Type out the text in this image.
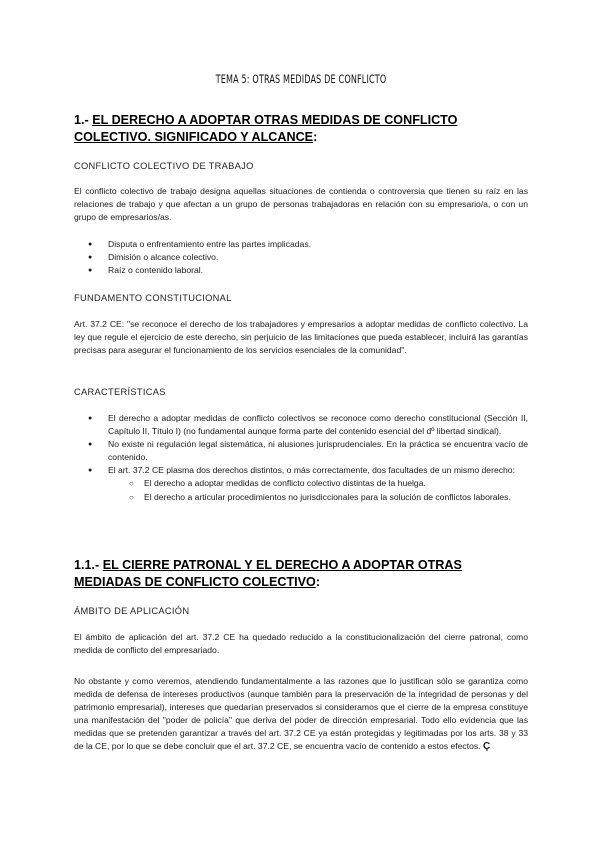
TEMA 5: OTRAS MEDIDAS DE CONFLICTO
1.- EL DERECHO A ADOPTAR OTRAS MEDIDAS DE CONFLICTO COLECTIVO. SIGNIFICADO Y ALCANCE:
CONFLICTO COLECTIVO DE TRABAJO
El conflicto colectivo de trabajo designa aquellas situaciones de contienda o controversia que tienen su raíz en las relaciones de trabajo y que afectan a un grupo de personas trabajadoras en relación con su empresario/a, o con un grupo de empresarios/as.
● Disputa o enfrentamiento entre las partes implicadas.
● Dimisión o alcance colectivo.
● Raíz o contenido laboral.
FUNDAMENTO CONSTITUCIONAL
Art. 37.2 CE: "se reconoce el derecho de los trabajadores y empresarios a adoptar medidas de conflicto colectivo. La ley que regule el ejercicio de este derecho, sin perjuicio de las limitaciones que pueda establecer, incluirá las garantías precisas para asegurar el funcionamiento de los servicios esenciales de la comunidad".
CARACTERÍSTICAS
● El derecho a adoptar medidas de conflicto colectivos se reconoce como derecho constitucional (Sección II, Capítulo II, Título I) (no fundamental aunque forma parte del contenido esencial del dº libertad sindical).
● No existe ni regulación legal sistemática, ni alusiones jurisprudenciales. En la práctica se encuentra vacío de contenido.
● El art. 37.2 CE plasma dos derechos distintos, o más correctamente, dos facultades de un mismo derecho:
○ El derecho a adoptar medidas de conflicto colectivo distintas de la huelga.
○ El derecho a articular procedimientos no jurisdiccionales para la solución de conflictos laborales.
1.1.- EL CIERRE PATRONAL Y EL DERECHO A ADOPTAR OTRAS MEDIADAS DE CONFLICTO COLECTIVO:
ÁMBITO DE APLICACIÓN
El ámbito de aplicación del art. 37.2 CE ha quedado reducido a la constitucionalización del cierre patronal, como medida de conflicto del empresariado.
No obstante y como veremos, atendiendo fundamentalmente a las razones que lo justifican sólo se garantiza como medida de defensa de intereses productivos (aunque también para la preservación de la integridad de personas y del patrimonio empresarial), intereses que quedarían preservados si consideramos que el cierre de la empresa constituye una manifestación del "poder de policía" que deriva del poder de dirección empresarial. Todo ello evidencia que las medidas que se pretenden garantizar a través del art. 37.2 CE ya están protegidas y legitimadas por los arts. 38 y 33 de la CE, por lo que se debe concluir que el art. 37.2 CE, se encuentra vacío de contenido a estos efectos. Ç
